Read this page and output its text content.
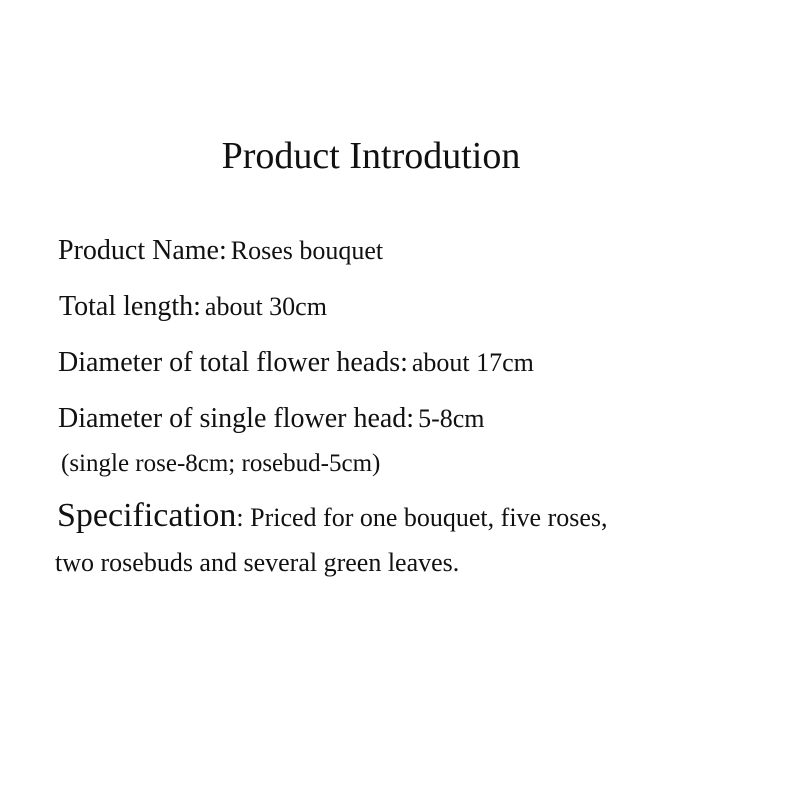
Product Introdution
Product Name: Roses bouquet
Total length: about 30cm
Diameter of total flower heads: about 17cm
Diameter of single flower head: 5-8cm
(single rose-8cm; rosebud-5cm)
Specification: Priced for one bouquet, five roses,
two rosebuds and several green leaves.
